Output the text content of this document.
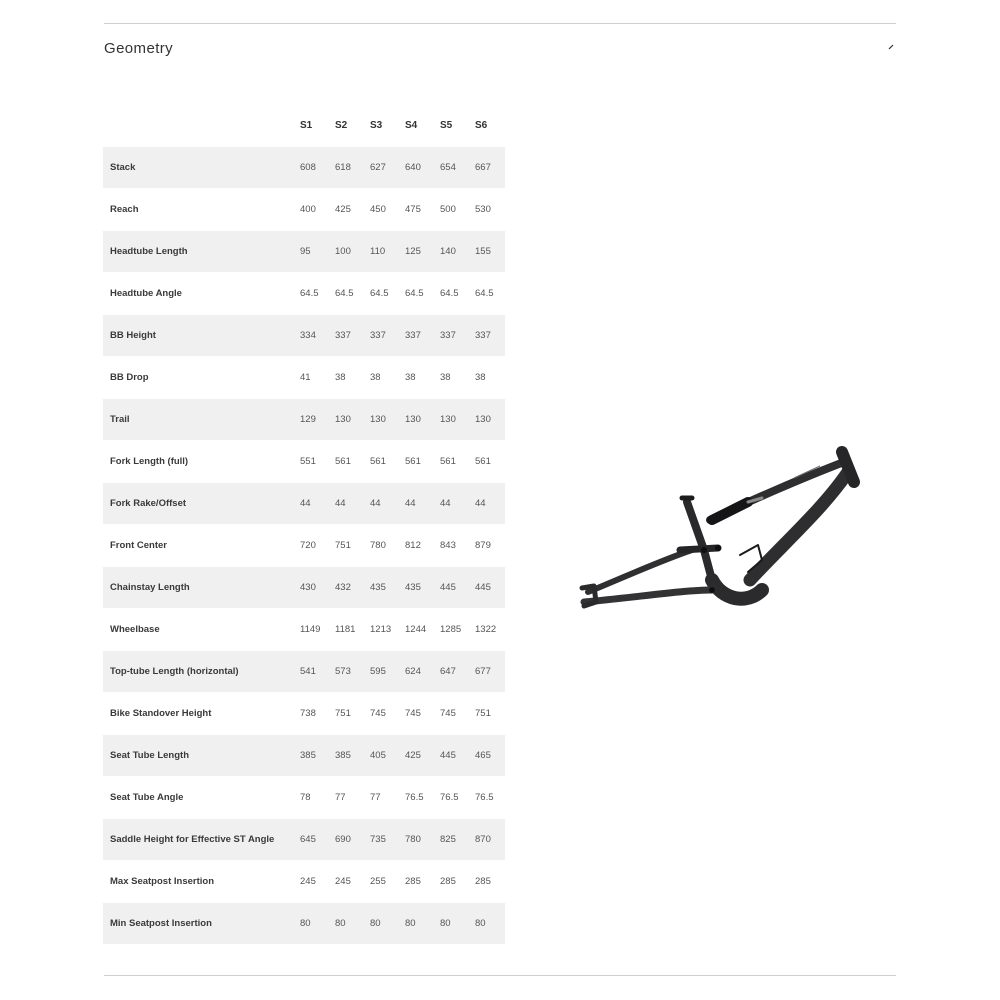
Geometry
	S1	S2	S3	S4	S5	S6
Stack	608	618	627	640	654	667
Reach	400	425	450	475	500	530
Headtube Length	95	100	110	125	140	155
Headtube Angle	64.5	64.5	64.5	64.5	64.5	64.5
BB Height	334	337	337	337	337	337
BB Drop	41	38	38	38	38	38
Trail	129	130	130	130	130	130
Fork Length (full)	551	561	561	561	561	561
Fork Rake/Offset	44	44	44	44	44	44
Front Center	720	751	780	812	843	879
Chainstay Length	430	432	435	435	445	445
Wheelbase	1149	1181	1213	1244	1285	1322
Top-tube Length (horizontal)	541	573	595	624	647	677
Bike Standover Height	738	751	745	745	745	751
Seat Tube Length	385	385	405	425	445	465
Seat Tube Angle	78	77	77	76.5	76.5	76.5
Saddle Height for Effective ST Angle	645	690	735	780	825	870
Max Seatpost Insertion	245	245	255	285	285	285
Min Seatpost Insertion	80	80	80	80	80	80
